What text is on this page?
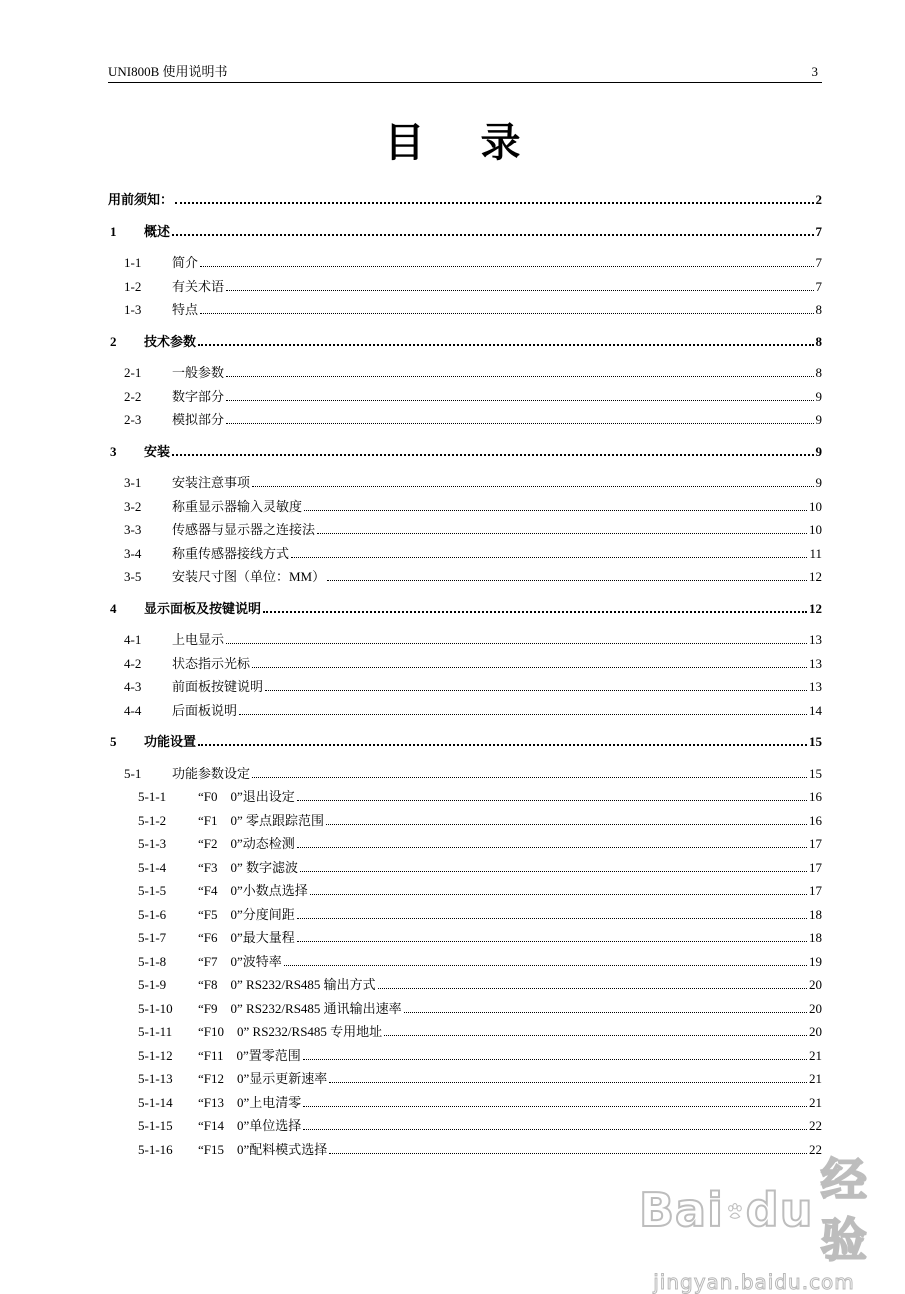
UNI800B 使用说明书	3
目录
用前须知：	2
1	概述	7
1-1	简介	7
1-2	有关术语	7
1-3	特点	8
2	技术参数	8
2-1	一般参数	8
2-2	数字部分	9
2-3	模拟部分	9
3	安装	9
3-1	安装注意事项	9
3-2	称重显示器输入灵敏度	10
3-3	传感器与显示器之连接法	10
3-4	称重传感器接线方式	11
3-5	安装尺寸图（单位：MM）	12
4	显示面板及按键说明	12
4-1	上电显示	13
4-2	状态指示光标	13
4-3	前面板按键说明	13
4-4	后面板说明	14
5	功能设置	15
5-1	功能参数设定	15
5-1-1	“F0　0”退出设定	16
5-1-2	“F1　0” 零点跟踪范围	16
5-1-3	“F2　0”动态检测	17
5-1-4	“F3　0” 数字滤波	17
5-1-5	“F4　0”小数点选择	17
5-1-6	“F5　0”分度间距	18
5-1-7	“F6　0”最大量程	18
5-1-8	“F7　0”波特率	19
5-1-9	“F8　0” RS232/RS485 输出方式	20
5-1-10	“F9　0” RS232/RS485 通讯输出速率	20
5-1-11	“F10　0” RS232/RS485 专用地址	20
5-1-12	“F11　0”置零范围	21
5-1-13	“F12　0”显示更新速率	21
5-1-14	“F13　0”上电清零	21
5-1-15	“F14　0”单位选择	22
5-1-16	“F15　0”配料模式选择	22
Bai du
经验
jingyan.baidu.com
